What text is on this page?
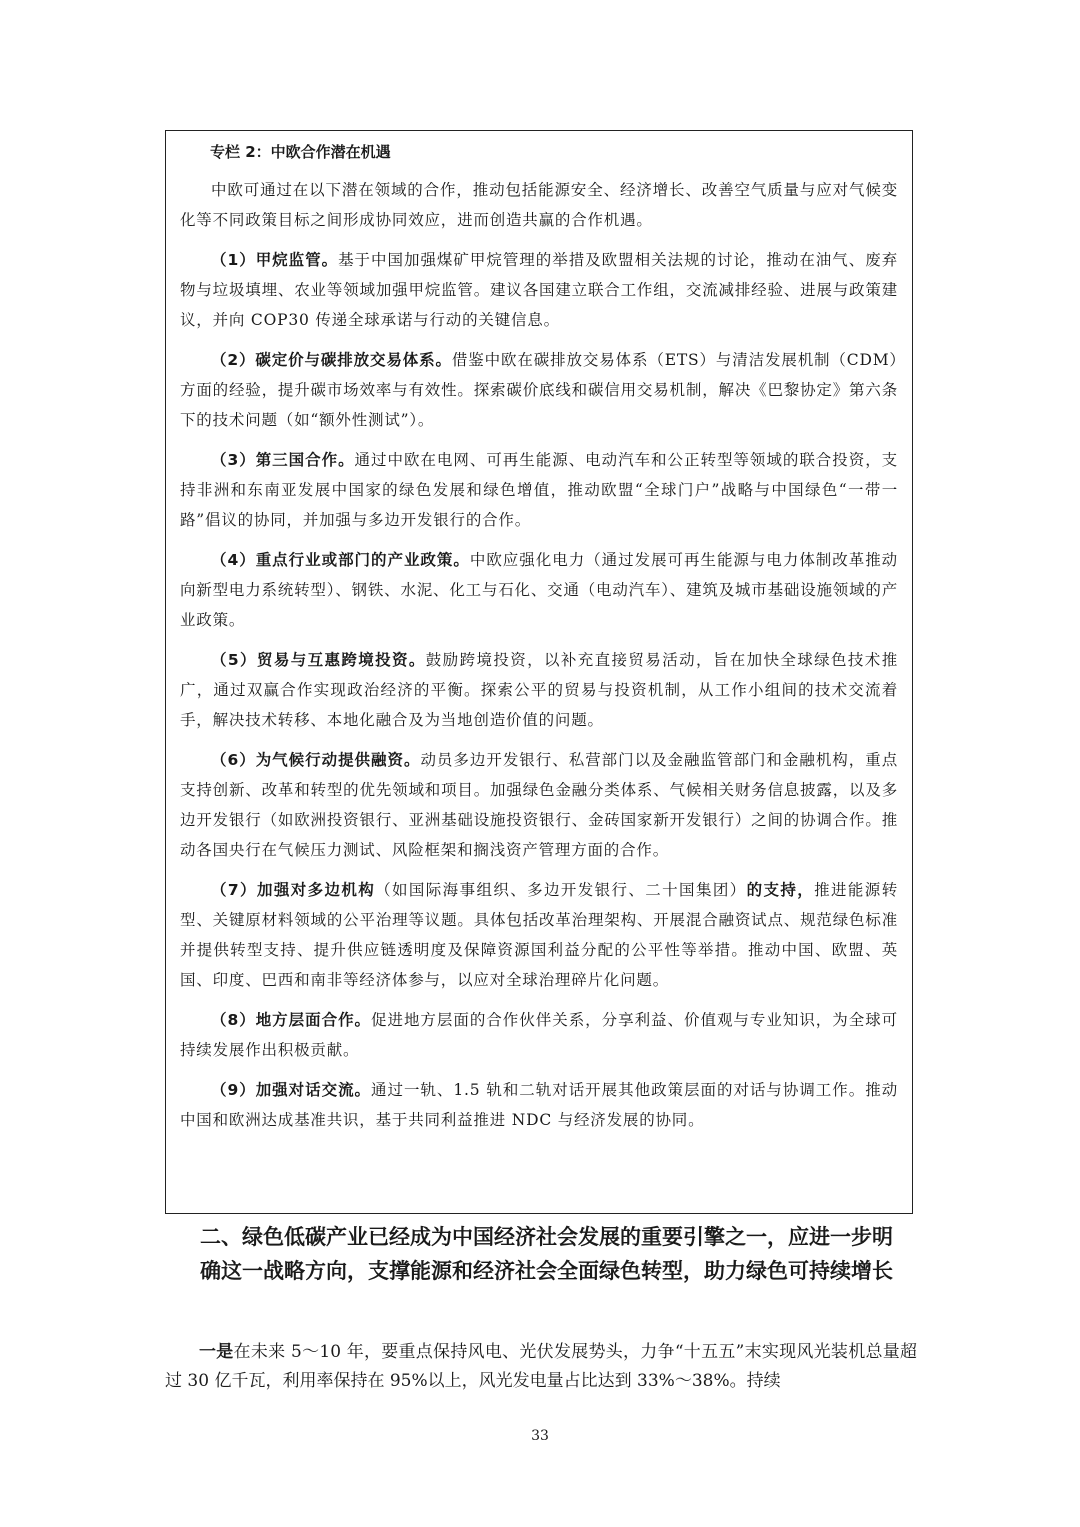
专栏 2：中欧合作潜在机遇

中欧可通过在以下潜在领域的合作，推动包括能源安全、经济增长、改善空气质量与应对气候变化等不同政策目标之间形成协同效应，进而创造共赢的合作机遇。

（1）甲烷监管。基于中国加强煤矿甲烷管理的举措及欧盟相关法规的讨论，推动在油气、废弃物与垃圾填埋、农业等领域加强甲烷监管。建议各国建立联合工作组，交流减排经验、进展与政策建议，并向 COP30 传递全球承诺与行动的关键信息。

（2）碳定价与碳排放交易体系。借鉴中欧在碳排放交易体系（ETS）与清洁发展机制（CDM）方面的经验，提升碳市场效率与有效性。探索碳价底线和碳信用交易机制，解决《巴黎协定》第六条下的技术问题（如“额外性测试”）。

（3）第三国合作。通过中欧在电网、可再生能源、电动汽车和公正转型等领域的联合投资，支持非洲和东南亚发展中国家的绿色发展和绿色增值，推动欧盟“全球门户”战略与中国绿色“一带一路”倡议的协同，并加强与多边开发银行的合作。

（4）重点行业或部门的产业政策。中欧应强化电力（通过发展可再生能源与电力体制改革推动向新型电力系统转型）、钢铁、水泥、化工与石化、交通（电动汽车）、建筑及城市基础设施领域的产业政策。

（5）贸易与互惠跨境投资。鼓励跨境投资，以补充直接贸易活动，旨在加快全球绿色技术推广，通过双赢合作实现政治经济的平衡。探索公平的贸易与投资机制，从工作小组间的技术交流着手，解决技术转移、本地化融合及为当地创造价值的问题。

（6）为气候行动提供融资。动员多边开发银行、私营部门以及金融监管部门和金融机构，重点支持创新、改革和转型的优先领域和项目。加强绿色金融分类体系、气候相关财务信息披露，以及多边开发银行（如欧洲投资银行、亚洲基础设施投资银行、金砖国家新开发银行）之间的协调合作。推动各国央行在气候压力测试、风险框架和搁浅资产管理方面的合作。

（7）加强对多边机构（如国际海事组织、多边开发银行、二十国集团）的支持，推进能源转型、关键原材料领域的公平治理等议题。具体包括改革治理架构、开展混合融资试点、规范绿色标准并提供转型支持、提升供应链透明度及保障资源国利益分配的公平性等举措。推动中国、欧盟、英国、印度、巴西和南非等经济体参与，以应对全球治理碎片化问题。

（8）地方层面合作。促进地方层面的合作伙伴关系，分享利益、价值观与专业知识，为全球可持续发展作出积极贡献。

（9）加强对话交流。通过一轨、1.5 轨和二轨对话开展其他政策层面的对话与协调工作。推动中国和欧洲达成基准共识，基于共同利益推进 NDC 与经济发展的协同。

二、绿色低碳产业已经成为中国经济社会发展的重要引擎之一，应进一步明确这一战略方向，支撑能源和经济社会全面绿色转型，助力绿色可持续增长

一是在未来 5～10 年，要重点保持风电、光伏发展势头，力争“十五五”末实现风光装机总量超过 30 亿千瓦，利用率保持在 95%以上，风光发电量占比达到 33%～38%。持续

33
